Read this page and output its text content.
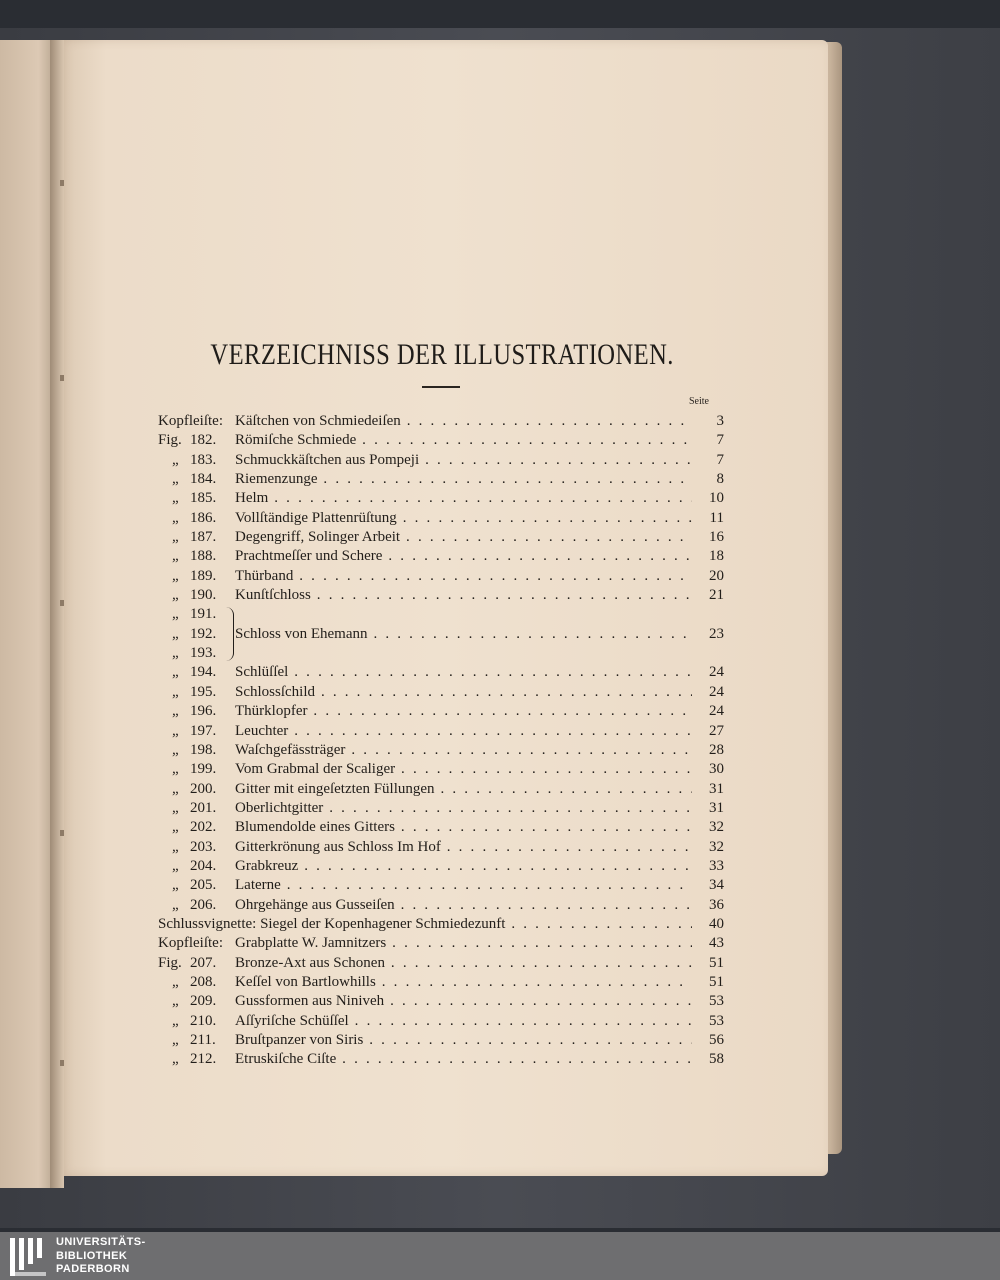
VERZEICHNISS DER ILLUSTRATIONEN.
Seite
Kopfleiſte: Käſtchen von Schmiedeiſen . . .	3
Fig. 182. Römiſche Schmiede . . .	7
„ 183. Schmuckkäſtchen aus Pompeji . . .	7
„ 184. Riemenzunge . . .	8
„ 185. Helm . . .	10
„ 186. Vollſtändige Plattenrüſtung . . .	11
„ 187. Degengriff, Solinger Arbeit . . .	16
„ 188. Prachtmeſſer und Schere . . .	18
„ 189. Thürband . . .	20
„ 190. Kunſtſchloss . . .	21
„ 191.
„ 192. Schloss von Ehemann . . .	23
„ 193.
„ 194. Schlüſſel . . .	24
„ 195. Schlossſchild . . .	24
„ 196. Thürklopfer . . .	24
„ 197. Leuchter . . .	27
„ 198. Waſchgefässträger . . .	28
„ 199. Vom Grabmal der Scaliger . . .	30
„ 200. Gitter mit eingeſetzten Füllungen . . .	31
„ 201. Oberlichtgitter . . .	31
„ 202. Blumendolde eines Gitters . . .	32
„ 203. Gitterkrönung aus Schloss Im Hof . . .	32
„ 204. Grabkreuz . . .	33
„ 205. Laterne . . .	34
„ 206. Ohrgehänge aus Gusseiſen . . .	36
Schlussvignette: Siegel der Kopenhagener Schmiedezunft . . .	40
Kopfleiſte: Grabplatte W. Jamnitzers . . .	43
Fig. 207. Bronze-Axt aus Schonen . . .	51
„ 208. Keſſel von Bartlowhills . . .	51
„ 209. Gussformen aus Niniveh . . .	53
„ 210. Aſſyriſche Schüſſel . . .	53
„ 211. Bruſtpanzer von Siris . . .	56
„ 212. Etruskiſche Ciſte . . .	58
UNIVERSITÄTS-
BIBLIOTHEK
PADERBORN
